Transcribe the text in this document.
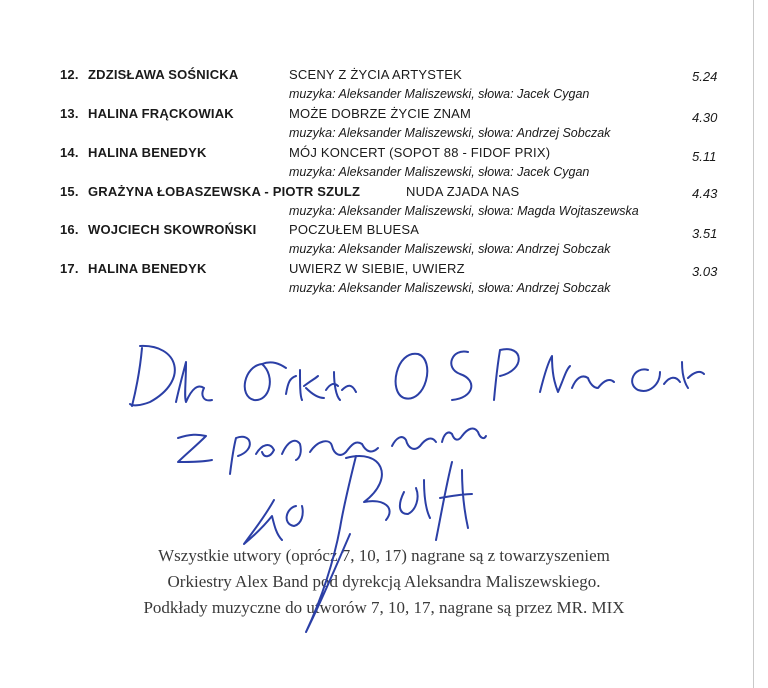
12. ZDZISŁAWA SOŚNICKA	SCENY Z ŻYCIA ARTYSTEK	5.24
muzyka: Aleksander Maliszewski, słowa: Jacek Cygan
13. HALINA FRĄCKOWIAK	MOŻE DOBRZE ŻYCIE ZNAM	4.30
muzyka: Aleksander Maliszewski, słowa: Andrzej Sobczak
14. HALINA BENEDYK	MÓJ KONCERT (SOPOT 88 - FIDOF PRIX)	5.11
muzyka: Aleksander Maliszewski, słowa: Jacek Cygan
15. GRAŻYNA ŁOBASZEWSKA - PIOTR SZULZ	NUDA ZJADA NAS	4.43
muzyka: Aleksander Maliszewski, słowa: Magda Wojtaszewska
16. WOJCIECH SKOWROŃSKI	POCZUŁEM BLUESA	3.51
muzyka: Aleksander Maliszewski, słowa: Andrzej Sobczak
17. HALINA BENEDYK	UWIERZ W SIEBIE, UWIERZ	3.03
muzyka: Aleksander Maliszewski, słowa: Andrzej Sobczak
Wszystkie utwory (oprócz 7, 10, 17) nagrane są z towarzyszeniem
Orkiestry Alex Band pod dyrekcją Aleksandra Maliszewskiego.
Podkłady muzyczne do utworów 7, 10, 17, nagrane są przez MR. MIX
